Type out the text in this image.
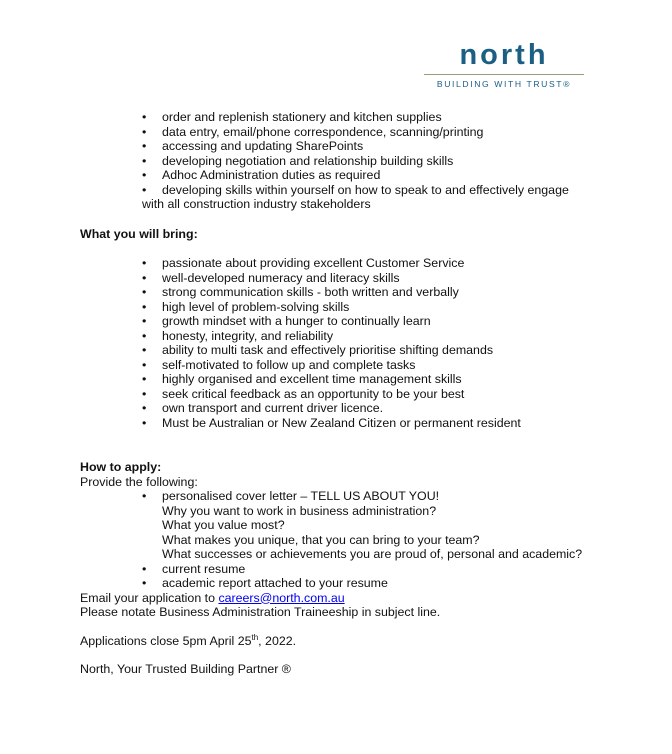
north
BUILDING WITH TRUST®
• order and replenish stationery and kitchen supplies
• data entry, email/phone correspondence, scanning/printing
• accessing and updating SharePoints
• developing negotiation and relationship building skills
• Adhoc Administration duties as required
• developing skills within yourself on how to speak to and effectively engage
with all construction industry stakeholders
What you will bring:
• passionate about providing excellent Customer Service
• well-developed numeracy and literacy skills
• strong communication skills - both written and verbally
• high level of problem-solving skills
• growth mindset with a hunger to continually learn
• honesty, integrity, and reliability
• ability to multi task and effectively prioritise shifting demands
• self-motivated to follow up and complete tasks
• highly organised and excellent time management skills
• seek critical feedback as an opportunity to be your best
• own transport and current driver licence.
• Must be Australian or New Zealand Citizen or permanent resident
How to apply:
Provide the following:
• personalised cover letter – TELL US ABOUT YOU!
Why you want to work in business administration?
What you value most?
What makes you unique, that you can bring to your team?
What successes or achievements you are proud of, personal and academic?
• current resume
• academic report attached to your resume
Email your application to careers@north.com.au
Please notate Business Administration Traineeship in subject line.
Applications close 5pm April 25th, 2022.
North, Your Trusted Building Partner ®
